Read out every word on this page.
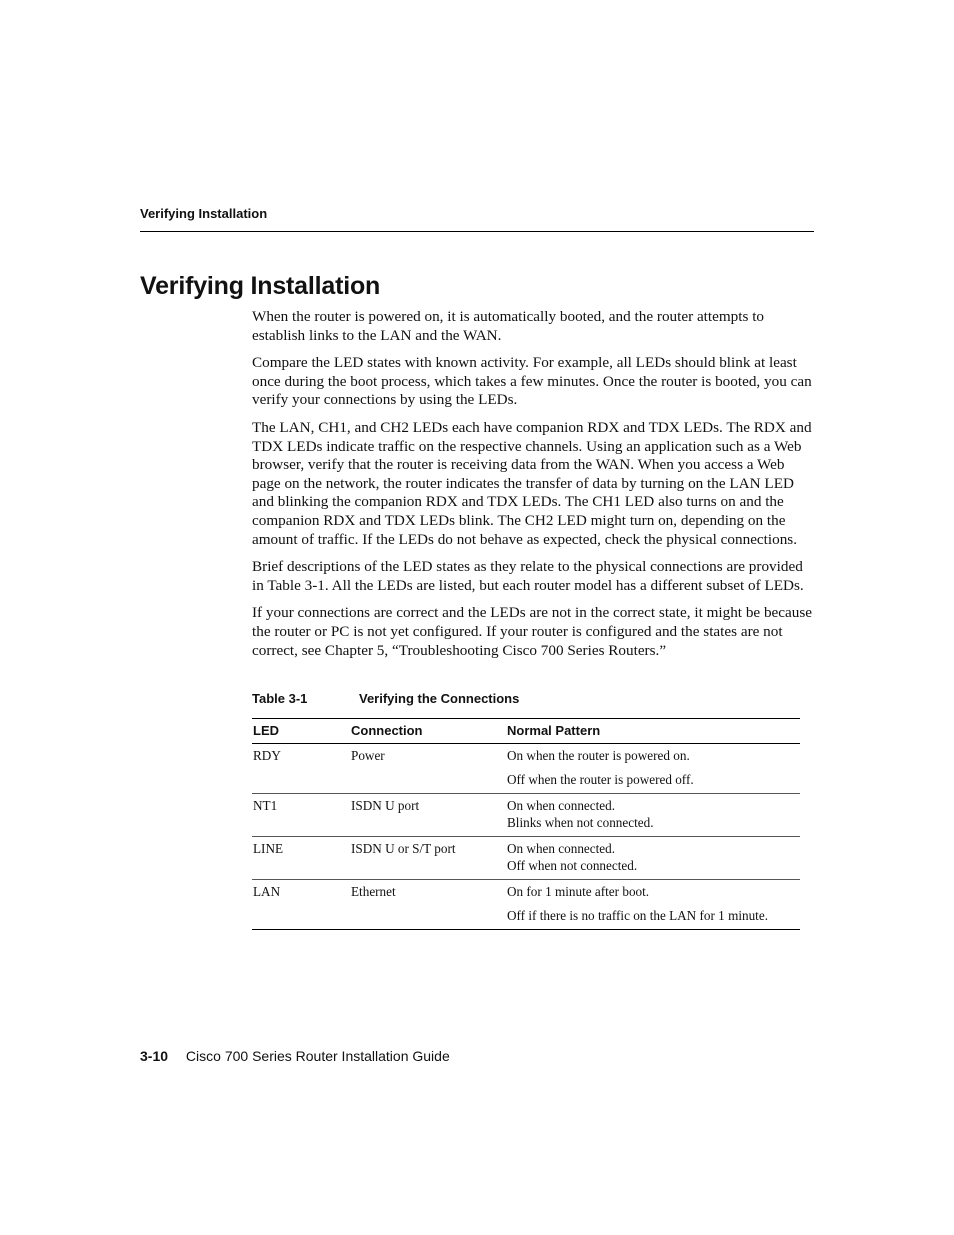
Verifying Installation
Verifying Installation

When the router is powered on, it is automatically booted, and the router attempts to establish links to the LAN and the WAN.

Compare the LED states with known activity. For example, all LEDs should blink at least once during the boot process, which takes a few minutes. Once the router is booted, you can verify your connections by using the LEDs.

The LAN, CH1, and CH2 LEDs each have companion RDX and TDX LEDs. The RDX and TDX LEDs indicate traffic on the respective channels. Using an application such as a Web browser, verify that the router is receiving data from the WAN. When you access a Web page on the network, the router indicates the transfer of data by turning on the LAN LED and blinking the companion RDX and TDX LEDs. The CH1 LED also turns on and the companion RDX and TDX LEDs blink. The CH2 LED might turn on, depending on the amount of traffic. If the LEDs do not behave as expected, check the physical connections.

Brief descriptions of the LED states as they relate to the physical connections are provided in Table 3-1. All the LEDs are listed, but each router model has a different subset of LEDs.

If your connections are correct and the LEDs are not in the correct state, it might be because the router or PC is not yet configured. If your router is configured and the states are not correct, see Chapter 5, “Troubleshooting Cisco 700 Series Routers.”

Table 3-1	Verifying the Connections
LED	Connection	Normal Pattern
RDY	Power	On when the router is powered on.
Off when the router is powered off.

NT1	ISDN U port	On when connected.
Blinks when not connected.

LINE	ISDN U or S/T port	On when connected.
Off when not connected.

LAN	Ethernet	On for 1 minute after boot.
Off if there is no traffic on the LAN for 1 minute.
3-10 Cisco 700 Series Router Installation Guide
